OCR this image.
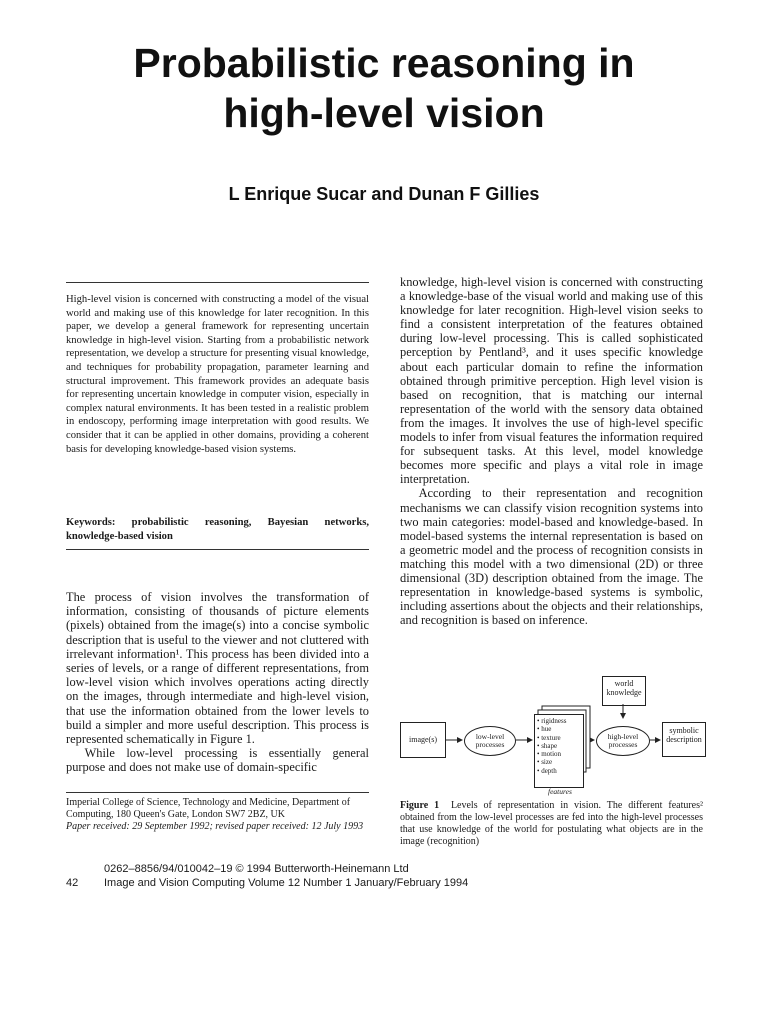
Probabilistic reasoning in
high-level vision
L Enrique Sucar and Dunan F Gillies
High-level vision is concerned with constructing a model of the visual world and making use of this knowledge for later recognition. In this paper, we develop a general framework for representing uncertain knowledge in high-level vision. Starting from a probabilistic network representation, we develop a structure for presenting visual knowledge, and techniques for probability propagation, parameter learning and structural improvement. This framework provides an adequate basis for representing uncertain knowledge in computer vision, especially in complex natural environments. It has been tested in a realistic problem in endoscopy, performing image interpretation with good results. We consider that it can be applied in other domains, providing a coherent basis for developing knowledge-based vision systems.
Keywords: probabilistic reasoning, Bayesian networks, knowledge-based vision

The process of vision involves the transformation of information, consisting of thousands of picture elements (pixels) obtained from the image(s) into a concise symbolic description that is useful to the viewer and not cluttered with irrelevant information¹. This process has been divided into a series of levels, or a range of different representations, from low-level vision which involves operations acting directly on the images, through intermediate and high-level vision, that use the information obtained from the lower levels to build a simpler and more useful description. This process is represented schematically in Figure 1.

While low-level processing is essentially general purpose and does not make use of domain-specific

Imperial College of Science, Technology and Medicine, Department of Computing, 180 Queen's Gate, London SW7 2BZ, UK
Paper received: 29 September 1992; revised paper received: 12 July 1993

knowledge, high-level vision is concerned with constructing a knowledge-base of the visual world and making use of this knowledge for later recognition. High-level vision seeks to find a consistent interpretation of the features obtained during low-level processing. This is called sophisticated perception by Pentland³, and it uses specific knowledge about each particular domain to refine the information obtained through primitive perception. High level vision is based on recognition, that is matching our internal representation of the world with the sensory data obtained from the images. It involves the use of high-level specific models to infer from visual features the information required for subsequent tasks. At this level, model knowledge becomes more specific and plays a vital role in image interpretation.

According to their representation and recognition mechanisms we can classify vision recognition systems into two main categories: model-based and knowledge-based. In model-based systems the internal representation is based on a geometric model and the process of recognition consists in matching this model with a two dimensional (2D) or three dimensional (3D) description obtained from the image. The representation in knowledge-based systems is symbolic, including assertions about the objects and their relationships, and recognition is based on inference.

image(s)	low-level processes
• rigidness
• hue
• texture
• shape
• motion
• size
• depth
features
world knowledge
high-level processes
symbolic description
Figure 1 Levels of representation in vision. The different features² obtained from the low-level processes are fed into the high-level processes that use knowledge of the world for postulating what objects are in the image (recognition)
0262–8856/94/010042–19 © 1994 Butterworth-Heinemann Ltd
42 Image and Vision Computing Volume 12 Number 1 January/February 1994
